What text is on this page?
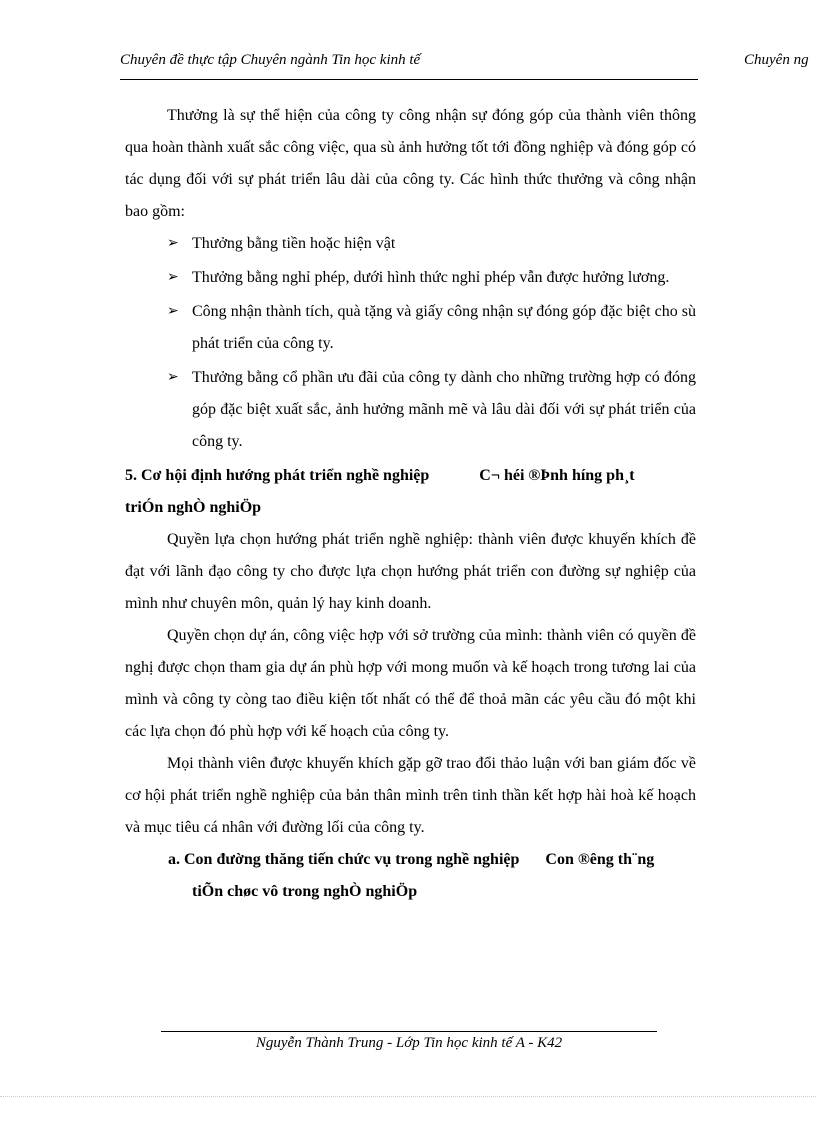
Chuyên đề thực tập Chuyên ngành Tin học kinh tế	Chuyên ng

Thưởng là sự thể hiện của công ty công nhận sự đóng góp của thành viên thông qua hoàn thành xuất sắc công việc, qua sù ảnh hưởng tốt tới đồng nghiệp và đóng góp có tác dụng đối với sự phát triển lâu dài của công ty. Các hình thức thưởng và công nhận bao gồm:

➢ Thưởng bằng tiền hoặc hiện vật
➢ Thưởng bằng nghỉ phép, dưới hình thức nghỉ phép vẫn được hưởng lương.
➢ Công nhận thành tích, quà tặng và giấy công nhận sự đóng góp đặc biệt cho sù phát triển của công ty.
➢ Thưởng bằng cổ phần ưu đãi của công ty dành cho những trường hợp có đóng góp đặc biệt xuất sắc, ảnh hưởng mãnh mẽ và lâu dài đối với sự phát triển của công ty.

5. Cơ hội định hướng phát triển nghề nghiệp	C¬ héi ®Þnh híng ph¸t
triÓn nghÒ nghiÖp

Quyền lựa chọn hướng phát triển nghề nghiệp: thành viên được khuyến khích đề đạt với lãnh đạo công ty cho được lựa chọn hướng phát triển con đường sự nghiệp của mình như chuyên môn, quản lý hay kinh doanh.

Quyền chọn dự án, công việc hợp với sở trường của mình: thành viên có quyền đề nghị được chọn tham gia dự án phù hợp với mong muốn và kế hoạch trong tương lai của mình và công ty còng tao điều kiện tốt nhất có thể để thoả mãn các yêu cầu đó một khi các lựa chọn đó phù hợp với kế hoạch của công ty.

Mọi thành viên được khuyến khích gặp gỡ trao đổi thảo luận với ban giám đốc về cơ hội phát triển nghề nghiệp của bản thân mình trên tinh thần kết hợp hài hoà kế hoạch và mục tiêu cá nhân với đường lối của công ty.

a. Con đường thăng tiến chức vụ trong nghề nghiệp Con ®êng th¨ng
tiÕn chøc vô trong nghÒ nghiÖp
Nguyễn Thành Trung - Lớp Tin học kinh tế A - K42
